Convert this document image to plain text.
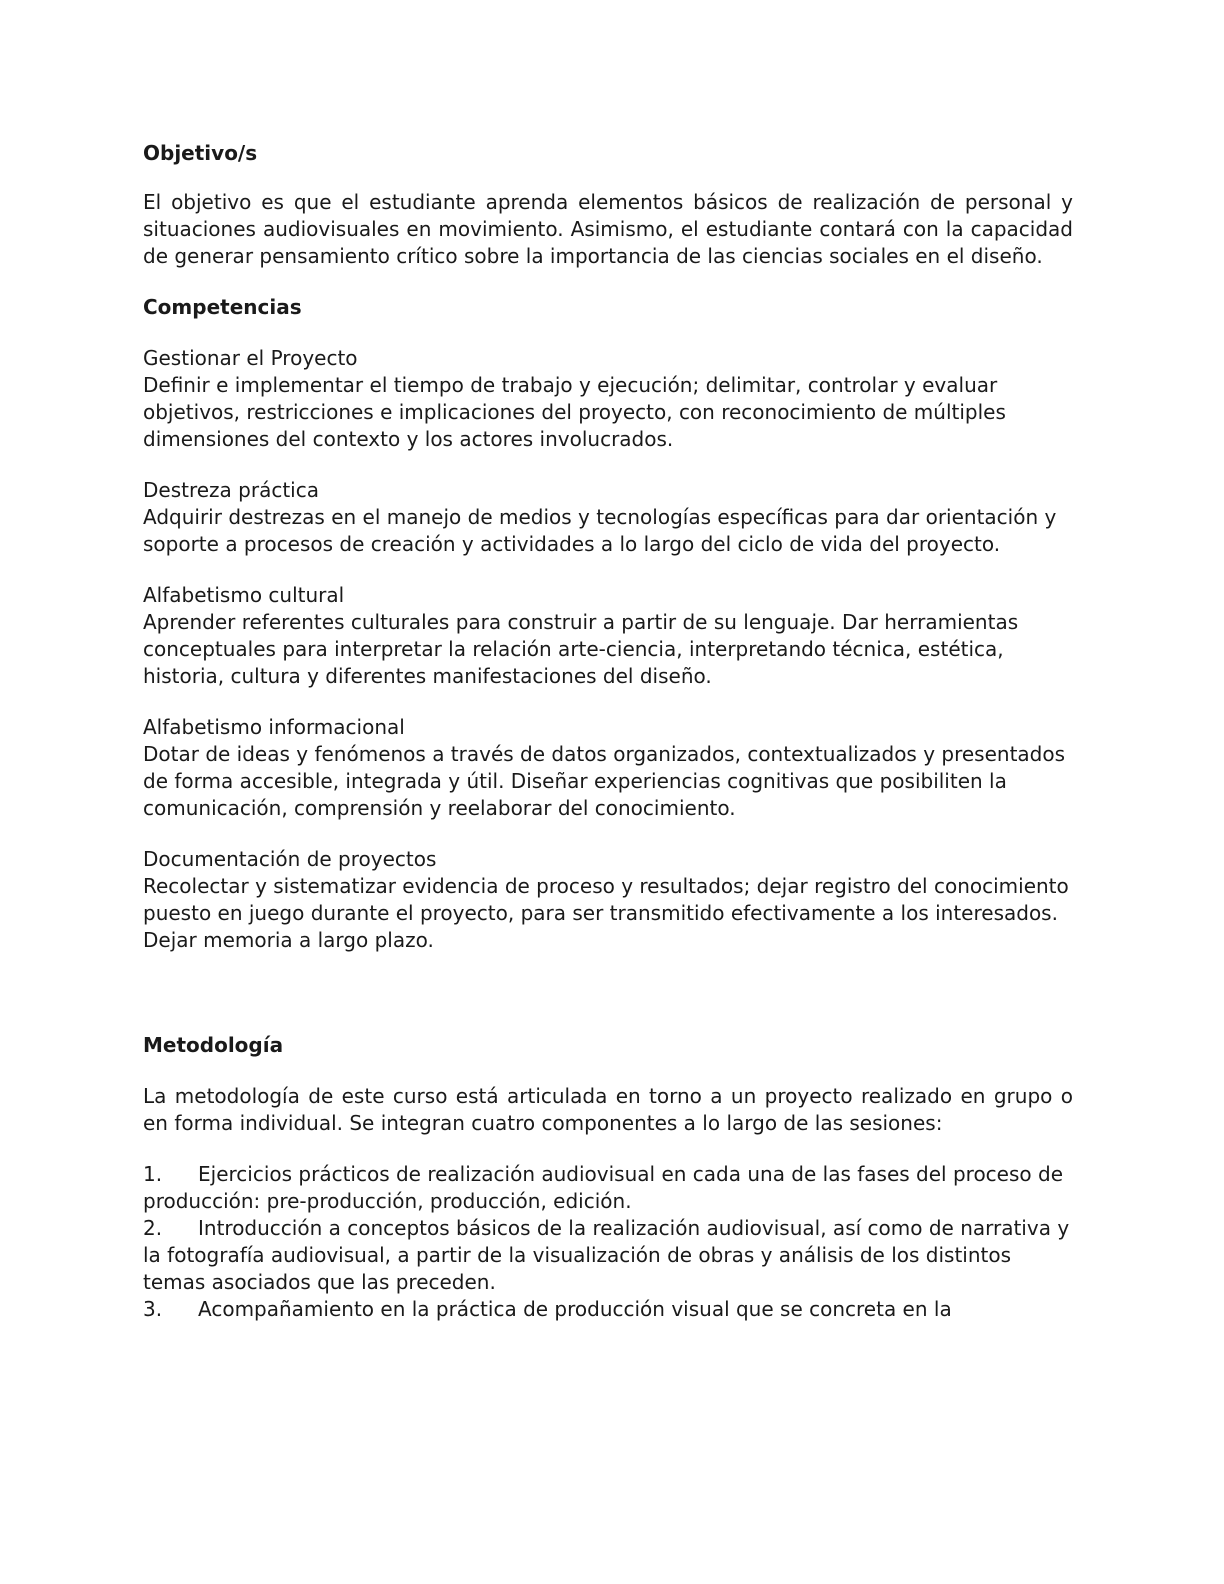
Objetivo/s

El objetivo es que el estudiante aprenda elementos básicos de realización de personal y situaciones audiovisuales en movimiento. Asimismo, el estudiante contará con la capacidad de generar pensamiento crítico sobre la importancia de las ciencias sociales en el diseño.

Competencias

Gestionar el Proyecto

Definir e implementar el tiempo de trabajo y ejecución; delimitar, controlar y evaluar objetivos, restricciones e implicaciones del proyecto, con reconocimiento de múltiples dimensiones del contexto y los actores involucrados.

Destreza práctica

Adquirir destrezas en el manejo de medios y tecnologías específicas para dar orientación y soporte a procesos de creación y actividades a lo largo del ciclo de vida del proyecto.

Alfabetismo cultural

Aprender referentes culturales para construir a partir de su lenguaje. Dar herramientas conceptuales para interpretar la relación arte-ciencia, interpretando técnica, estética, historia, cultura y diferentes manifestaciones del diseño.

Alfabetismo informacional

Dotar de ideas y fenómenos a través de datos organizados, contextualizados y presentados de forma accesible, integrada y útil. Diseñar experiencias cognitivas que posibiliten la comunicación, comprensión y reelaborar del conocimiento.

Documentación de proyectos

Recolectar y sistematizar evidencia de proceso y resultados; dejar registro del conocimiento puesto en juego durante el proyecto, para ser transmitido efectivamente a los interesados. Dejar memoria a largo plazo.

Metodología

La metodología de este curso está articulada en torno a un proyecto realizado en grupo o en forma individual. Se integran cuatro componentes a lo largo de las sesiones:

1. Ejercicios prácticos de realización audiovisual en cada una de las fases del proceso de producción: pre-producción, producción, edición.
2. Introducción a conceptos básicos de la realización audiovisual, así como de narrativa y la fotografía audiovisual, a partir de la visualización de obras y análisis de los distintos temas asociados que las preceden.
3. Acompañamiento en la práctica de producción visual que se concreta en la
